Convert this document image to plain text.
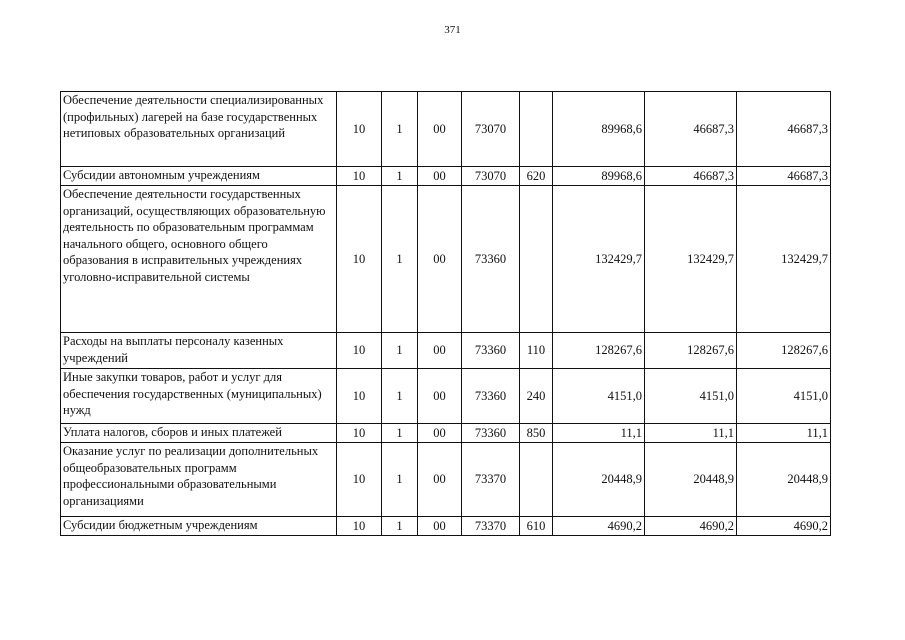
371
Обеспечение деятельности специализированных (профильных) лагерей на базе государственных нетиповых образовательных организаций	10	1	00	73070		89968,6	46687,3	46687,3
Субсидии автономным учреждениям	10	1	00	73070	620	89968,6	46687,3	46687,3
Обеспечение деятельности государственных организаций, осуществляющих образовательную деятельность по образовательным программам начального общего, основного общего образования в исправительных учреждениях уголовно-исправительной системы	10	1	00	73360		132429,7	132429,7	132429,7
Расходы на выплаты персоналу казенных учреждений	10	1	00	73360	110	128267,6	128267,6	128267,6
Иные закупки товаров, работ и услуг для обеспечения государственных (муниципальных) нужд	10	1	00	73360	240	4151,0	4151,0	4151,0
Уплата налогов, сборов и иных платежей	10	1	00	73360	850	11,1	11,1	11,1
Оказание услуг по реализации дополнительных общеобразовательных программ профессиональными образовательными организациями	10	1	00	73370		20448,9	20448,9	20448,9
Субсидии бюджетным учреждениям	10	1	00	73370	610	4690,2	4690,2	4690,2
